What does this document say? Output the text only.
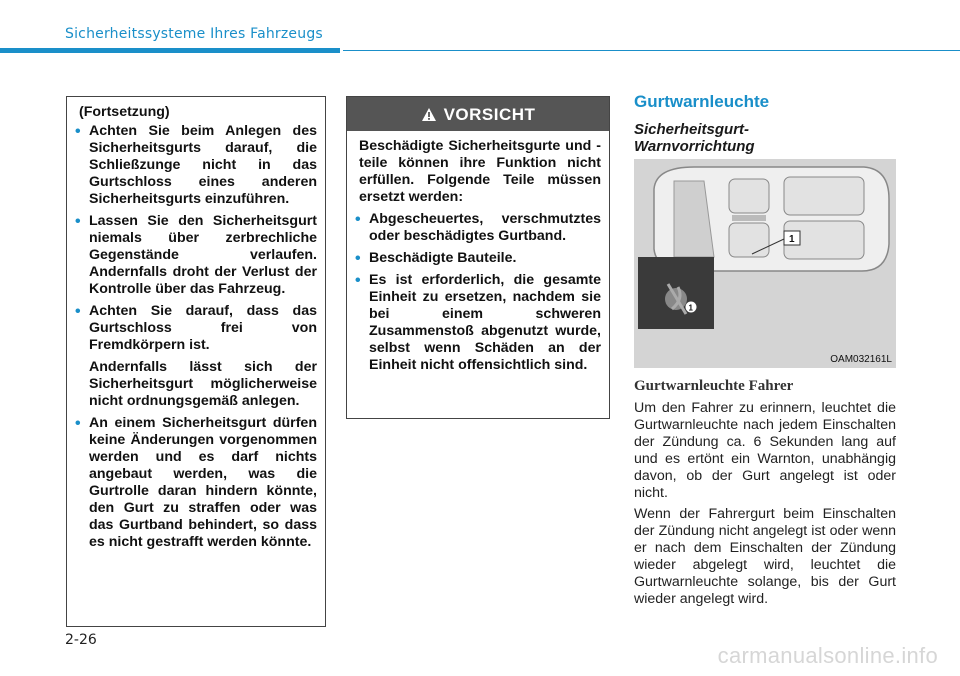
Sicherheitssysteme Ihres Fahrzeugs
(Fortsetzung)
• Achten Sie beim Anlegen des Sicherheitsgurts darauf, die Schließzunge nicht in das Gurtschloss eines anderen Sicherheitsgurts einzuführen.
• Lassen Sie den Sicherheitsgurt niemals über zerbrechliche Gegenstände verlaufen. Andernfalls droht der Verlust der Kontrolle über das Fahrzeug.
• Achten Sie darauf, dass das Gurtschloss frei von Fremdkörpern ist.
Andernfalls lässt sich der Sicherheitsgurt möglicherweise nicht ordnungsgemäß anlegen.
• An einem Sicherheitsgurt dürfen keine Änderungen vorgenommen werden und es darf nichts angebaut werden, was die Gurtrolle daran hindern könnte, den Gurt zu straffen oder was das Gurtband behindert, so dass es nicht gestrafft werden könnte.
VORSICHT
Beschädigte Sicherheitsgurte und -teile können ihre Funktion nicht erfüllen. Folgende Teile müssen ersetzt werden:
• Abgescheuertes, verschmutztes oder beschädigtes Gurtband.
• Beschädigte Bauteile.
• Es ist erforderlich, die gesamte Einheit zu ersetzen, nachdem sie bei einem schweren Zusammenstoß abgenutzt wurde, selbst wenn Schäden an der Einheit nicht offensichtlich sind.
Gurtwarnleuchte
Sicherheitsgurt-Warnvorrichtung
1
1
OAM032161L
Gurtwarnleuchte Fahrer
Um den Fahrer zu erinnern, leuchtet die Gurtwarnleuchte nach jedem Einschalten der Zündung ca. 6 Sekunden lang auf und es ertönt ein Warnton, unabhängig davon, ob der Gurt angelegt ist oder nicht.
Wenn der Fahrergurt beim Einschalten der Zündung nicht angelegt ist oder wenn er nach dem Einschalten der Zündung wieder abgelegt wird, leuchtet die Gurtwarnleuchte solange, bis der Gurt wieder angelegt wird.
2-26
carmanualsonline.info
